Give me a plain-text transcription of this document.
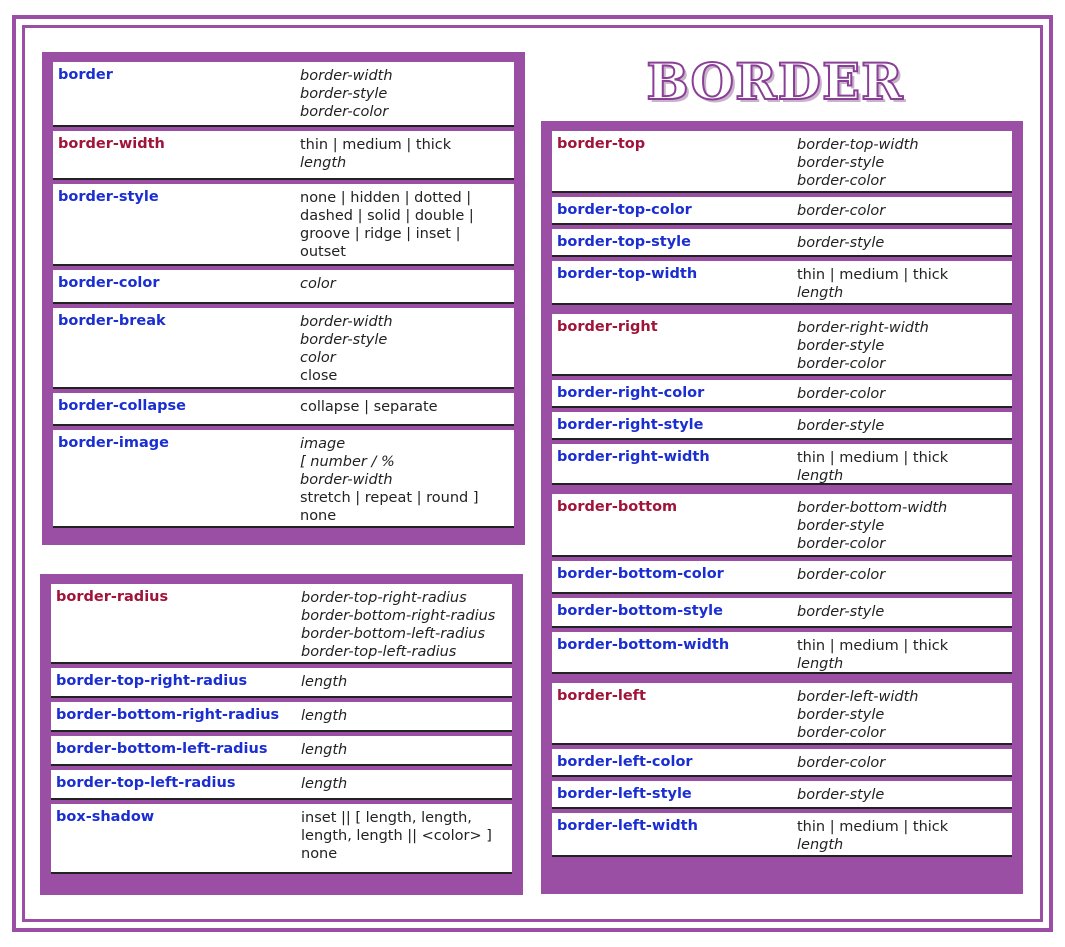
BORDER
border	border-width
border-style
border-color
border-width	thin | medium | thick
length
border-style	none | hidden | dotted |
dashed | solid | double |
groove | ridge | inset |
outset
border-color	color
border-break	border-width
border-style
color
close
border-collapse	collapse | separate
border-image	image
[ number / %
border-width
stretch | repeat | round ]
none
border-radius	border-top-right-radius
border-bottom-right-radius
border-bottom-left-radius
border-top-left-radius
border-top-right-radius	length
border-bottom-right-radius length
border-bottom-left-radius length
border-top-left-radius	length
box-shadow	inset || [ length, length,
length, length || <color> ]
none
border-top	border-top-width
border-style
border-color
border-top-color	border-color
border-top-style	border-style
border-top-width	thin | medium | thick
length
border-right	border-right-width
border-style
border-color
border-right-color	border-color
border-right-style	border-style
border-right-width	thin | medium | thick
length
border-bottom	border-bottom-width
border-style
border-color
border-bottom-color	border-color
border-bottom-style	border-style
border-bottom-width	thin | medium | thick
length
border-left	border-left-width
border-style
border-color
border-left-color	border-color
border-left-style	border-style
border-left-width	thin | medium | thick
length
